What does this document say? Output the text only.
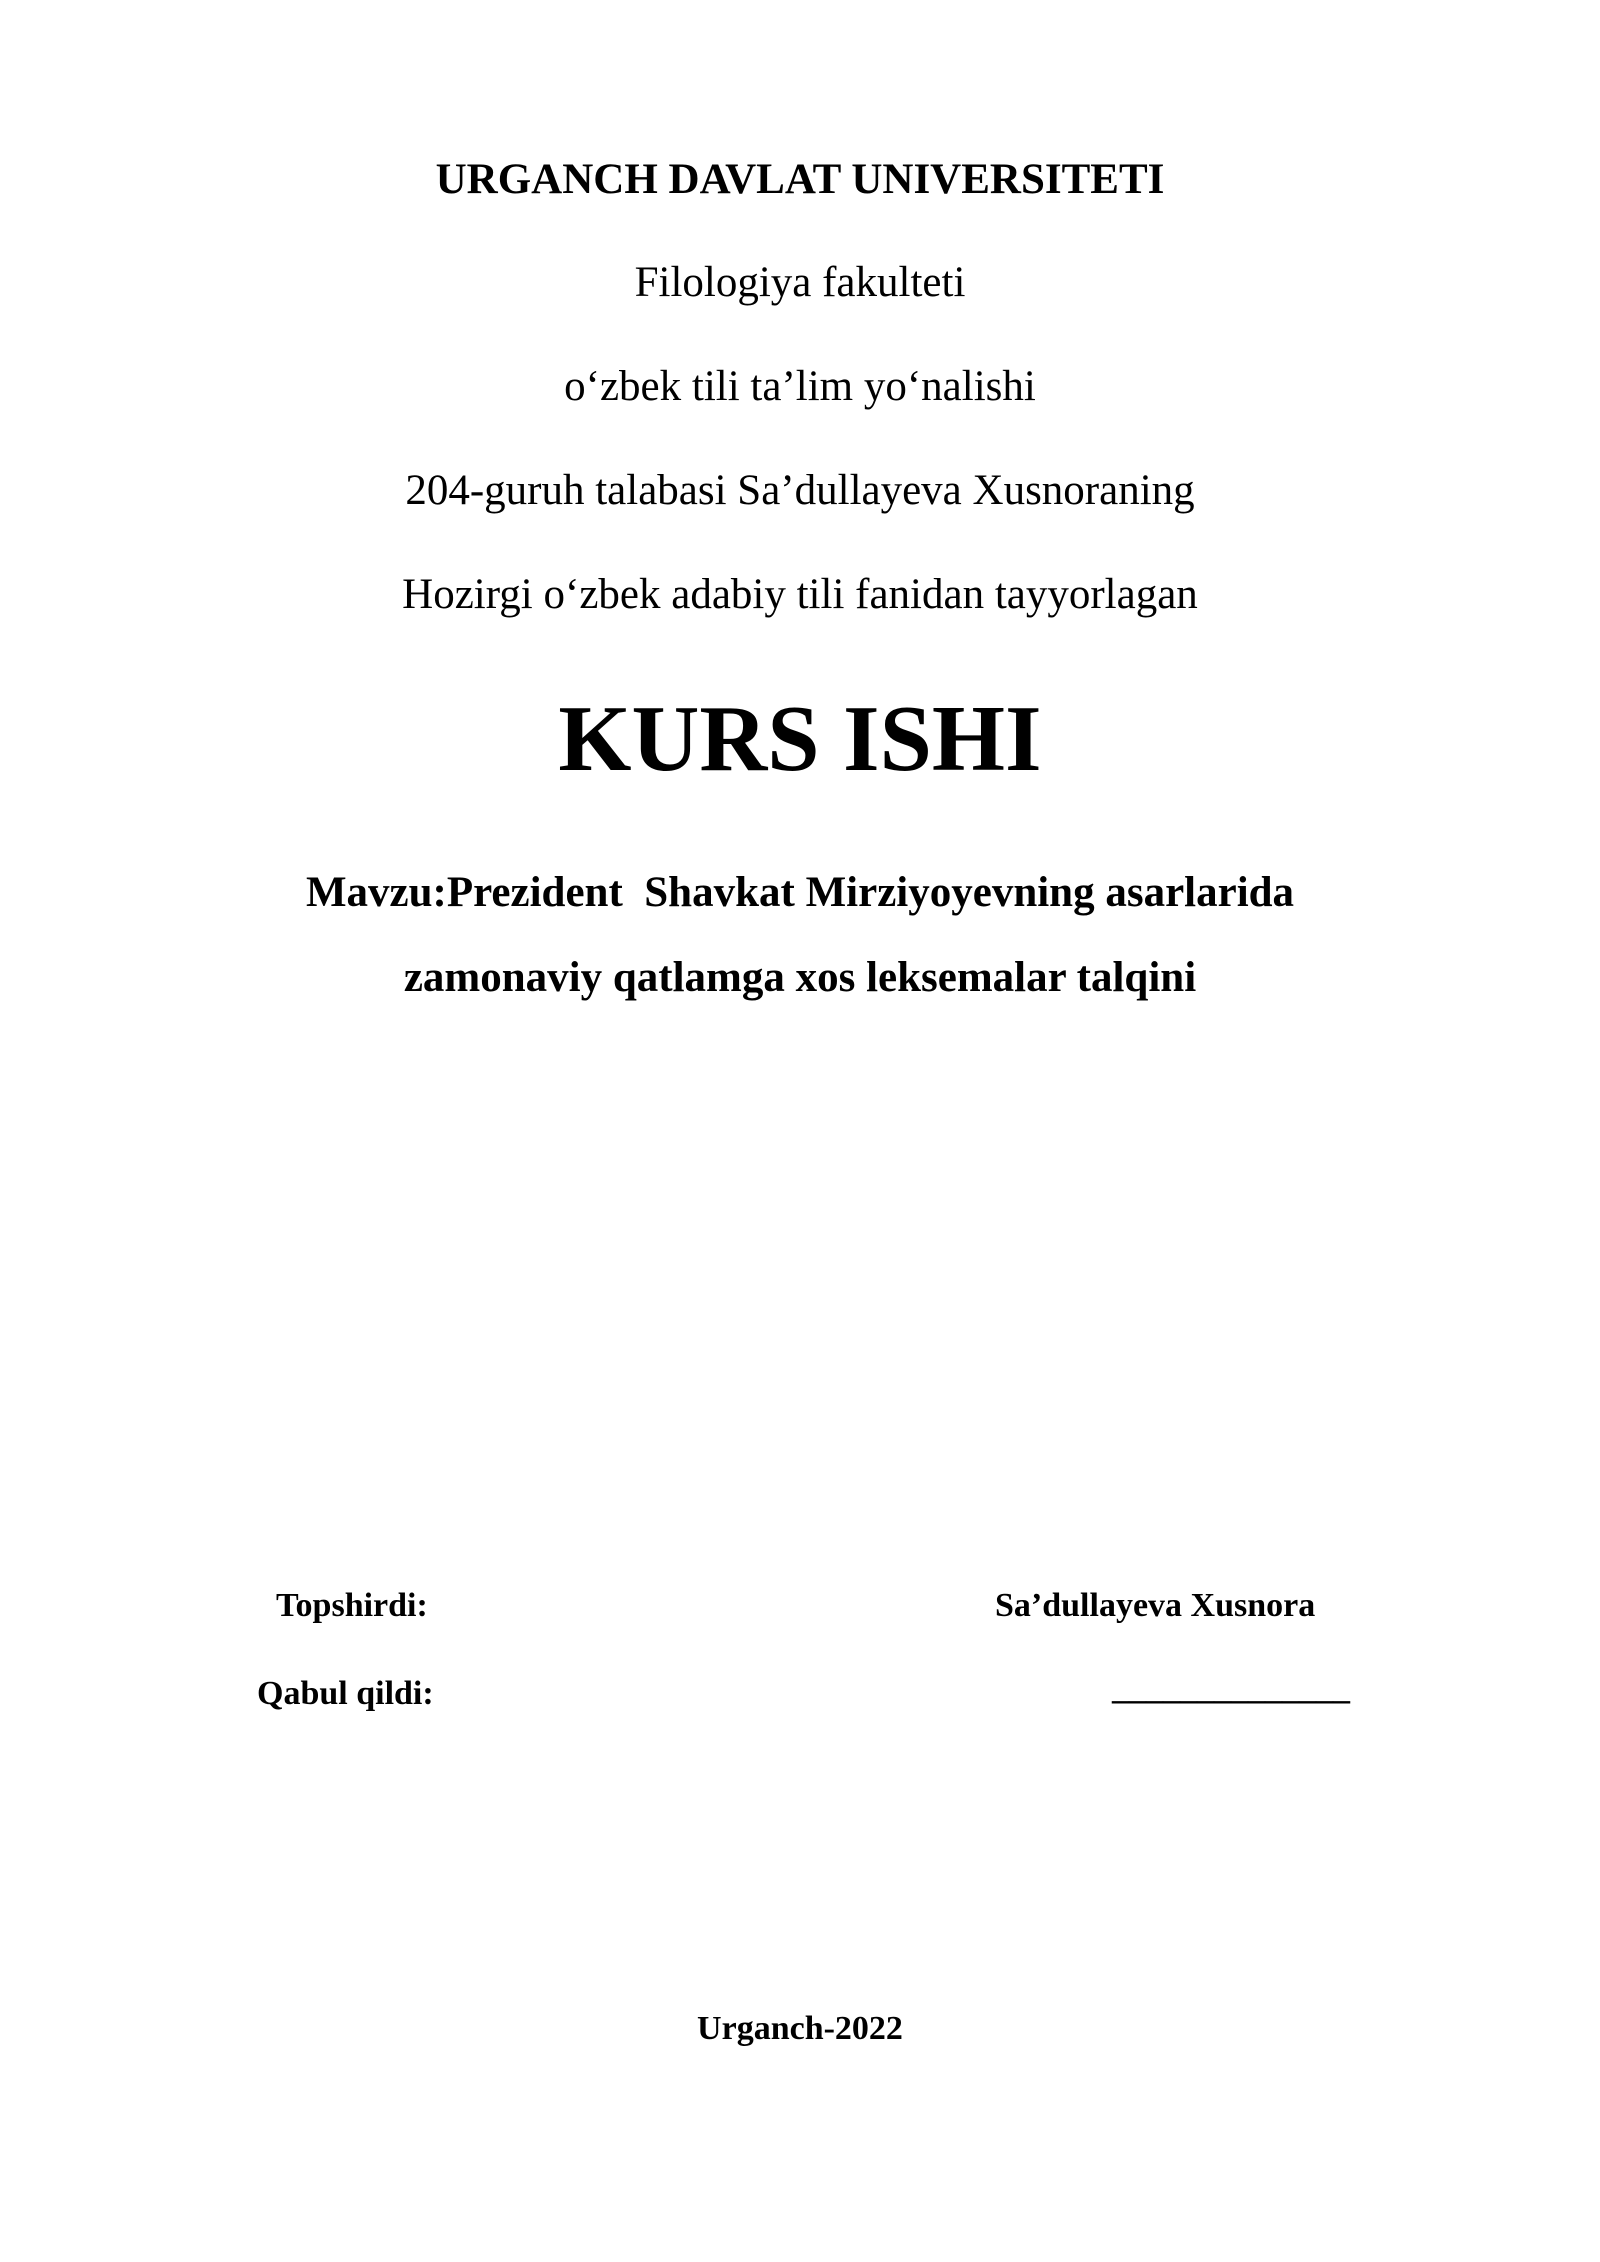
URGANCH DAVLAT UNIVERSITETI
Filologiya fakulteti
o‘zbek tili ta’lim yo‘nalishi
204-guruh talabasi Sa’dullayeva Xusnoraning
Hozirgi o‘zbek adabiy tili fanidan tayyorlagan
KURS ISHI
Mavzu:Prezident  Shavkat Mirziyoyevning asarlarida
zamonaviy qatlamga xos leksemalar talqini
Topshirdi:	Sa’dullayeva Xusnora
Qabul qildi:	______________
Urganch-2022
